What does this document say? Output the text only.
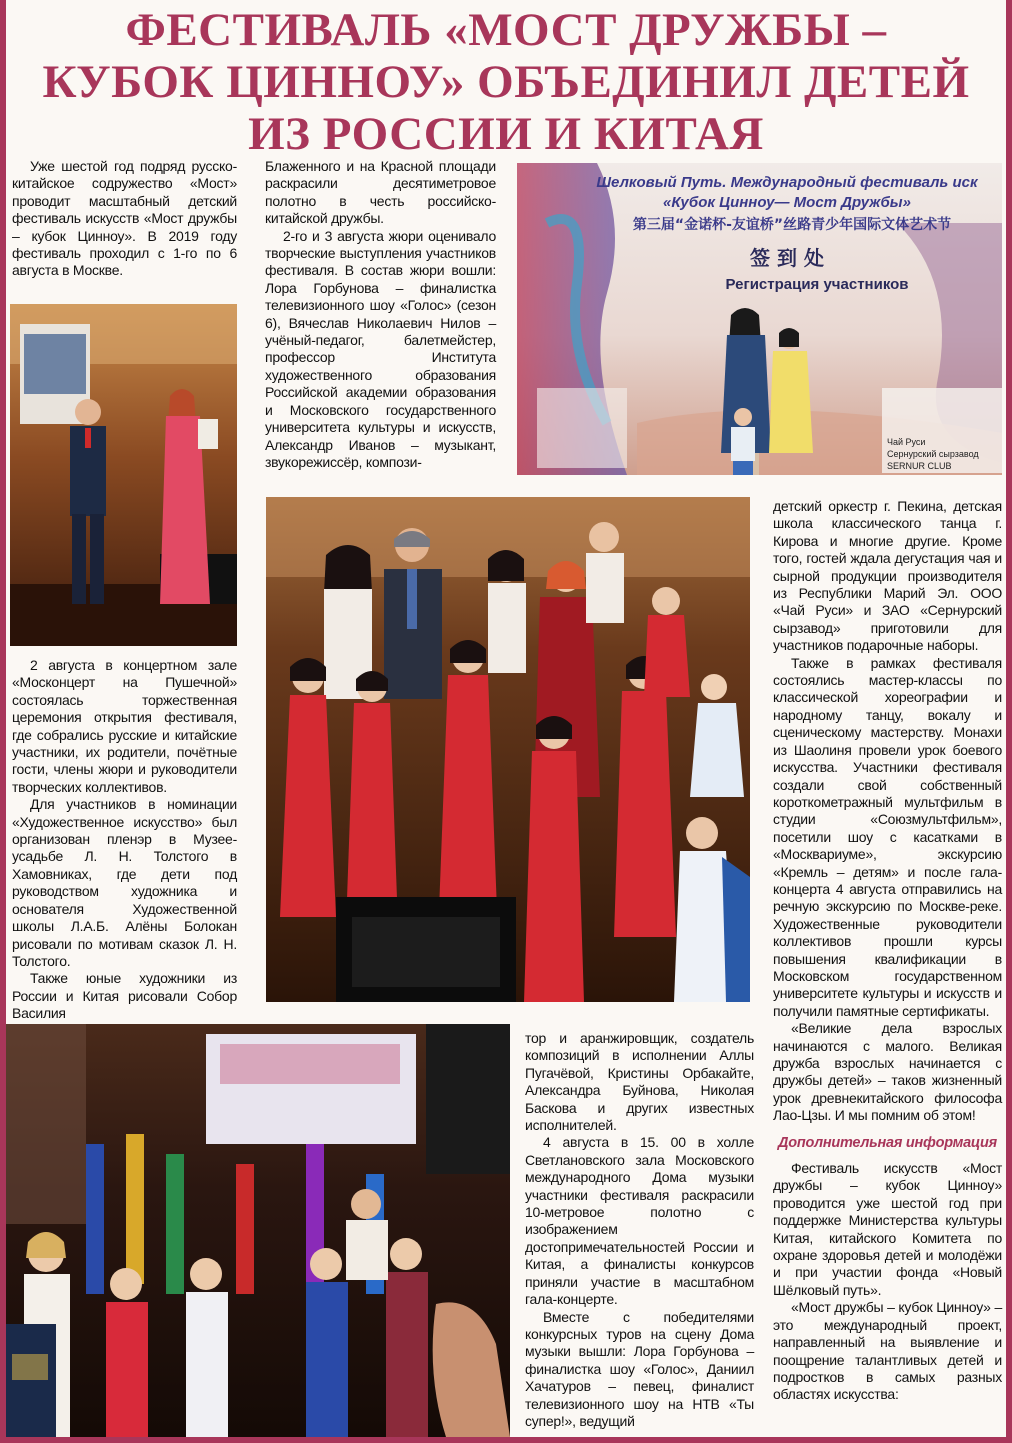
ФЕСТИВАЛЬ «МОСТ ДРУЖБЫ –
КУБОК ЦИННОУ» ОБЪЕДИНИЛ ДЕТЕЙ
ИЗ РОССИИ И КИТАЯ

Уже шестой год подряд русско-китайское содружество «Мост» проводит масштабный детский фестиваль искусств «Мост дружбы – кубок Цинноу». В 2019 году фестиваль проходил с 1-го по 6 августа в Москве.

2 августа в концертном зале «Москонцерт на Пушечной» состоялась торжественная церемония открытия фестиваля, где собрались русские и китайские участники, их родители, почётные гости, члены жюри и руководители творческих коллективов.

Для участников в номинации «Художественное искусство» был организован пленэр в Музее-усадьбе Л. Н. Толстого в Хамовниках, где дети под руководством художника и основателя Художественной школы Л.А.Б. Алёны Болокан рисовали по мотивам сказок Л. Н. Толстого.

Также юные художники из России и Китая рисовали Собор Василия

Блаженного и на Красной площади раскрасили десятиметровое полотно в честь российско-китайской дружбы.

2-го и 3 августа жюри оценивало творческие выступления участников фестиваля. В состав жюри вошли: Лора Горбунова – финалистка телевизионного шоу «Голос» (сезон 6), Вячеслав Николаевич Нилов – учёный-педагог, балетмейстер, профессор Института художественного образования Российской академии образования и Московского государственного университета культуры и искусств, Александр Иванов – музыкант, звукорежиссёр, компози-

Шелковый Путь. Международный фестиваль иск
«Кубок Цинноу— Мост Дружбы»
第三届“金诺杯-友谊桥”丝路青少年国际文体艺术节
签 到 处
Регистрация участников
Чай Руси
Сернурский сырзавод
SERNUR CLUB

детский оркестр г. Пекина, детская школа классического танца г. Кирова и многие другие. Кроме того, гостей ждала дегустация чая и сырной продукции производителя из Республики Марий Эл. ООО «Чай Руси» и ЗАО «Сернурский сырзавод» приготовили для участников подарочные наборы.

Также в рамках фестиваля состоялись мастер-классы по классической хореографии и народному танцу, вокалу и сценическому мастерству. Монахи из Шаолиня провели урок боевого искусства. Участники фестиваля создали свой собственный короткометражный мультфильм в студии «Союзмультфильм», посетили шоу с касатками в «Москвариуме», экскурсию «Кремль – детям» и после гала-концерта 4 августа отправились на речную экскурсию по Москве-реке. Художественные руководители коллективов прошли курсы повышения квалификации в Московском государственном университете культуры и искусств и получили памятные сертификаты.

«Великие дела взрослых начинаются с малого. Великая дружба взрослых начинается с дружбы детей» – таков жизненный урок древнекитайского философа Лао-Цзы. И мы помним об этом!

Дополнительная информация

Фестиваль искусств «Мост дружбы – кубок Цинноу» проводится уже шестой год при поддержке Министерства культуры Китая, китайского Комитета по охране здоровья детей и молодёжи и при участии фонда «Новый Шёлковый путь».

«Мост дружбы – кубок Цинноу» – это международный проект, направленный на выявление и поощрение талантливых детей и подростков в самых разных областях искусства:

тор и аранжировщик, создатель композиций в исполнении Аллы Пугачёвой, Кристины Орбакайте, Александра Буйнова, Николая Баскова и других известных исполнителей.

4 августа в 15. 00 в холле Светлановского зала Московского международного Дома музыки участники фестиваля раскрасили 10-метровое полотно с изображением достопримечательностей России и Китая, а финалисты конкурсов приняли участие в масштабном гала-концерте.

Вместе с победителями конкурсных туров на сцену Дома музыки вышли: Лора Горбунова – финалистка шоу «Голос», Даниил Хачатуров – певец, финалист телевизионного шоу на НТВ «Ты супер!», ведущий
